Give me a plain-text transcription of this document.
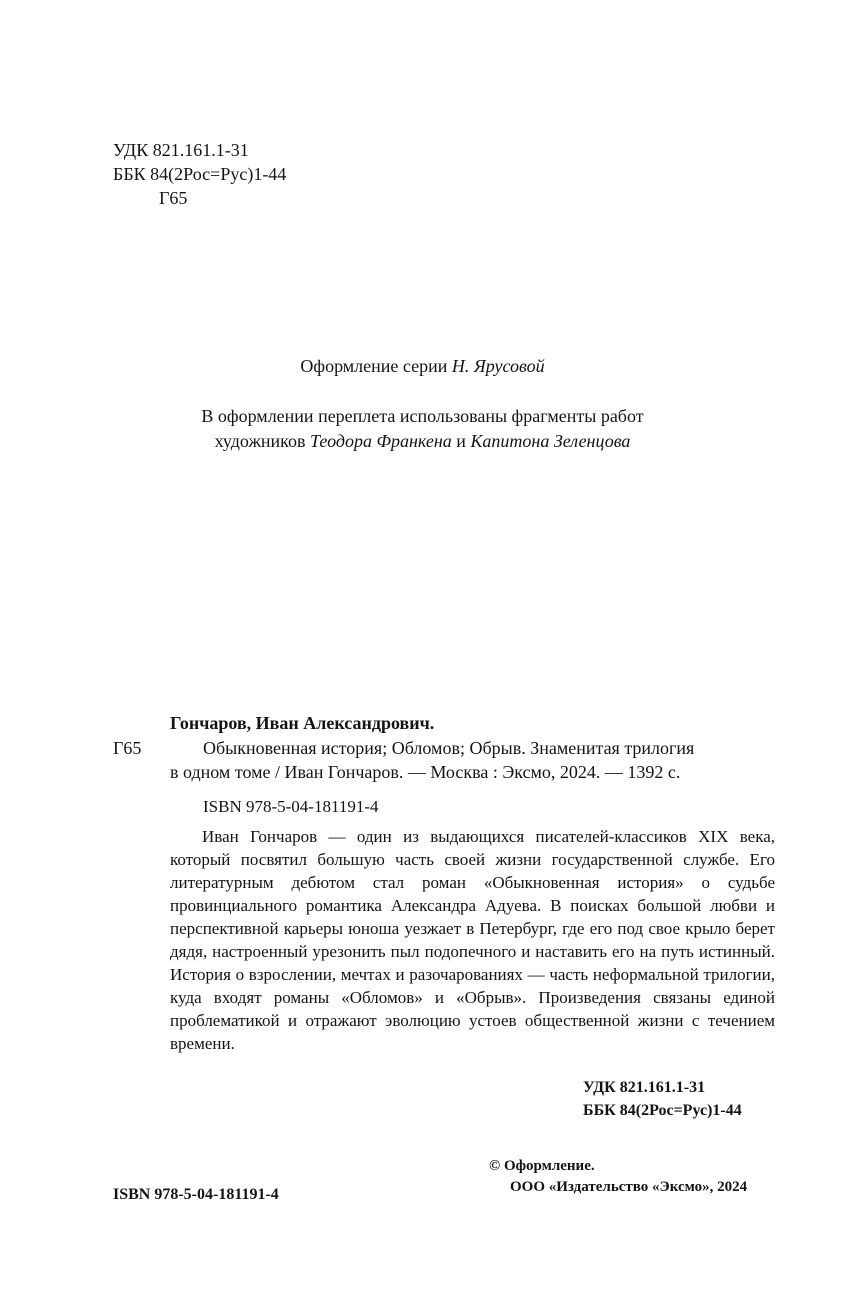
УДК 821.161.1-31
ББК 84(2Рос=Рус)1-44
Г65
Оформление серии Н. Ярусовой
В оформлении переплета использованы фрагменты работ
художников Теодора Франкена и Капитона Зеленцова
Гончаров, Иван Александрович.
Г65	Обыкновенная история; Обломов; Обрыв. Знаменитая трилогия
в одном томе / Иван Гончаров. — Москва : Эксмо, 2024. — 1392 с.
ISBN 978-5-04-181191-4
Иван Гончаров — один из выдающихся писателей-классиков XIX века, который посвятил большую часть своей жизни государственной службе. Его литературным дебютом стал роман «Обыкновенная история» о судьбе провинциального романтика Александра Адуева. В поисках большой любви и перспективной карьеры юноша уезжает в Петербург, где его под свое крыло берет дядя, настроенный урезонить пыл подопечного и наставить его на путь истинный. История о взрослении, мечтах и разочарованиях — часть неформальной трилогии, куда входят романы «Обломов» и «Обрыв». Произведения связаны единой проблематикой и отражают эволюцию устоев общественной жизни с течением времени.
УДК 821.161.1-31
ББК 84(2Рос=Рус)1-44
ISBN 978-5-04-181191-4
© Оформление.
ООО «Издательство «Эксмо», 2024
